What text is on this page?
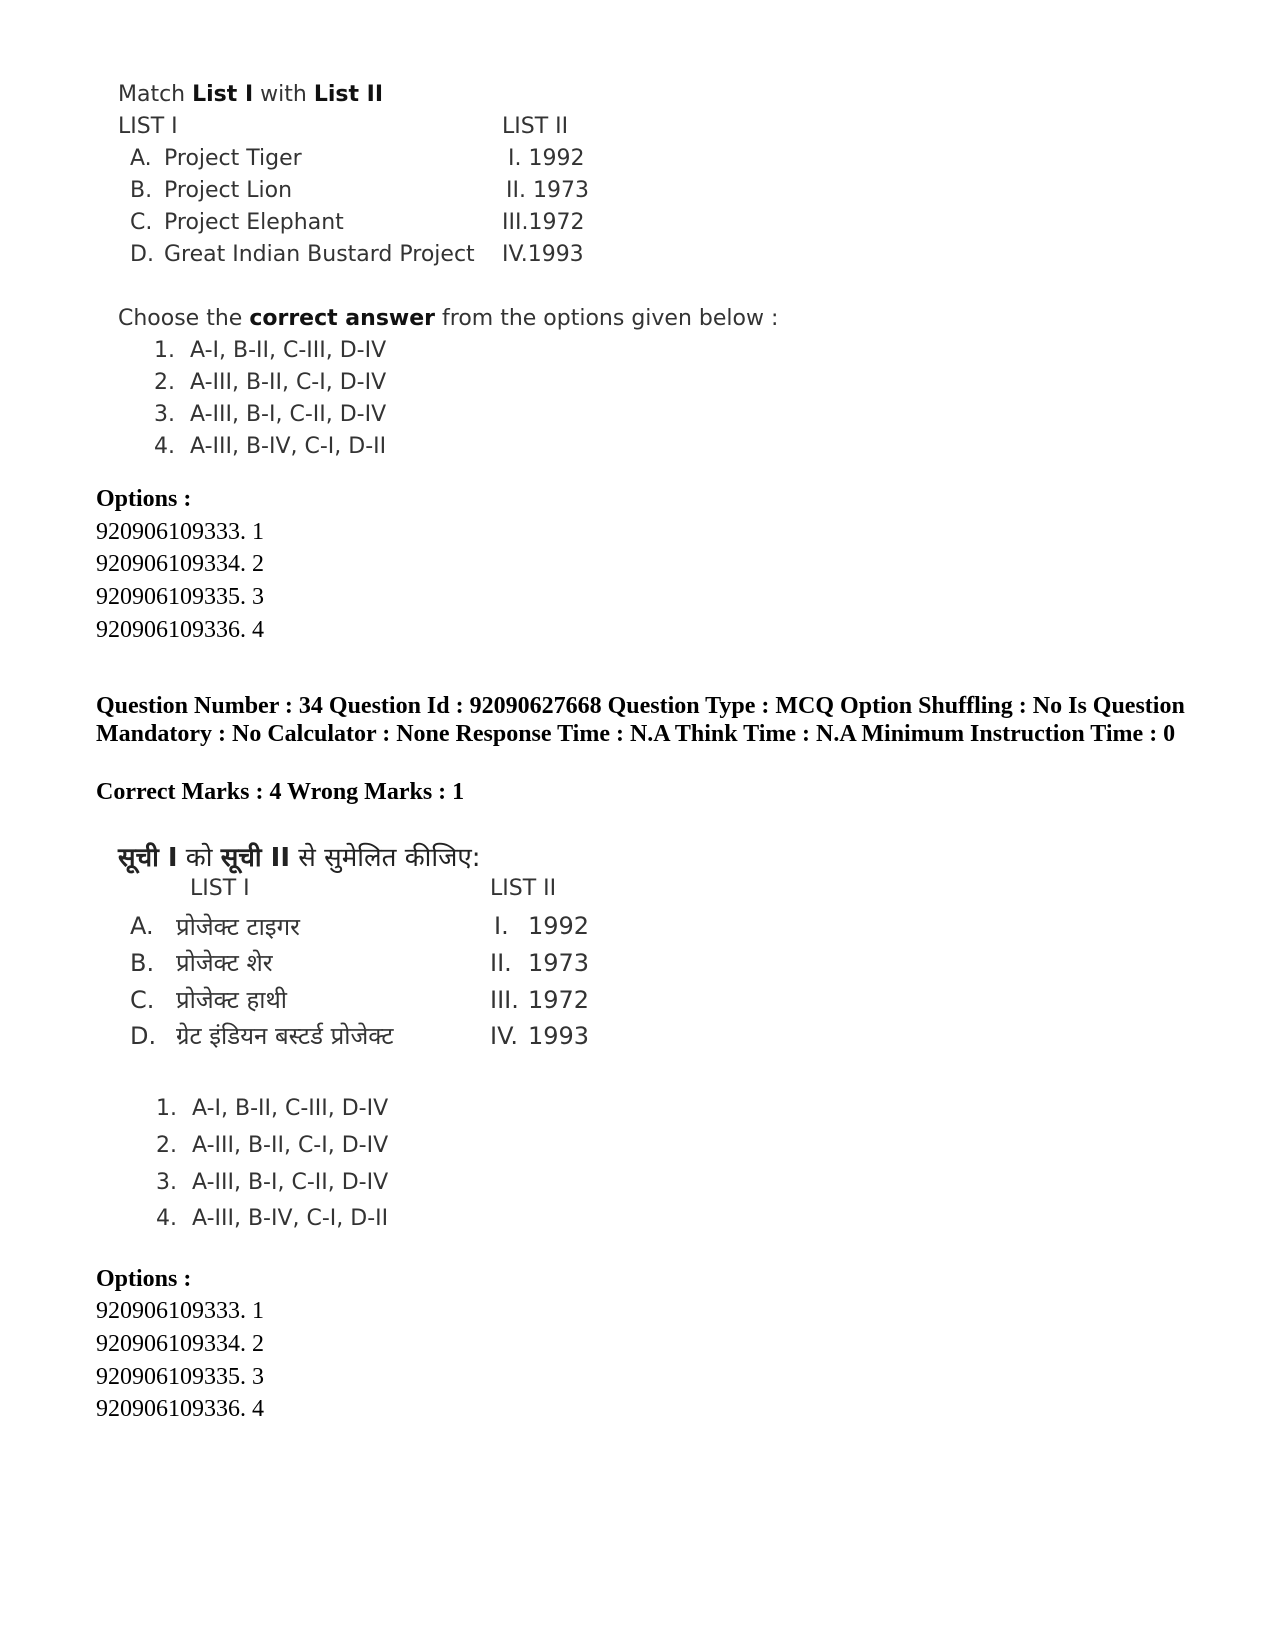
Match List I with List II
LIST I	LIST II
A. Project Tiger	I. 1992
B. Project Lion	II. 1973
C. Project Elephant	III.1972
D. Great Indian Bustard Project IV.1993
Choose the correct answer from the options given below :
1. A-I, B-II, C-III, D-IV
2. A-III, B-II, C-I, D-IV
3. A-III, B-I, C-II, D-IV
4. A-III, B-IV, C-I, D-II
Options :
920906109333. 1
920906109334. 2
920906109335. 3
920906109336. 4
Question Number : 34 Question Id : 92090627668 Question Type : MCQ Option Shuffling : No Is Question Mandatory : No Calculator : None Response Time : N.A Think Time : N.A Minimum Instruction Time : 0
Correct Marks : 4 Wrong Marks : 1
सूची I को सूची II से सुमेलित कीजिए:
LIST I	LIST II
A. प्रोजेक्ट टाइगर	I. 1992
B. प्रोजेक्ट शेर	II. 1973
C. प्रोजेक्ट हाथी	III. 1972
D. ग्रेट इंडियन बस्टर्ड प्रोजेक्ट	IV. 1993
1. A-I, B-II, C-III, D-IV
2. A-III, B-II, C-I, D-IV
3. A-III, B-I, C-II, D-IV
4. A-III, B-IV, C-I, D-II
Options :
920906109333. 1
920906109334. 2
920906109335. 3
920906109336. 4
